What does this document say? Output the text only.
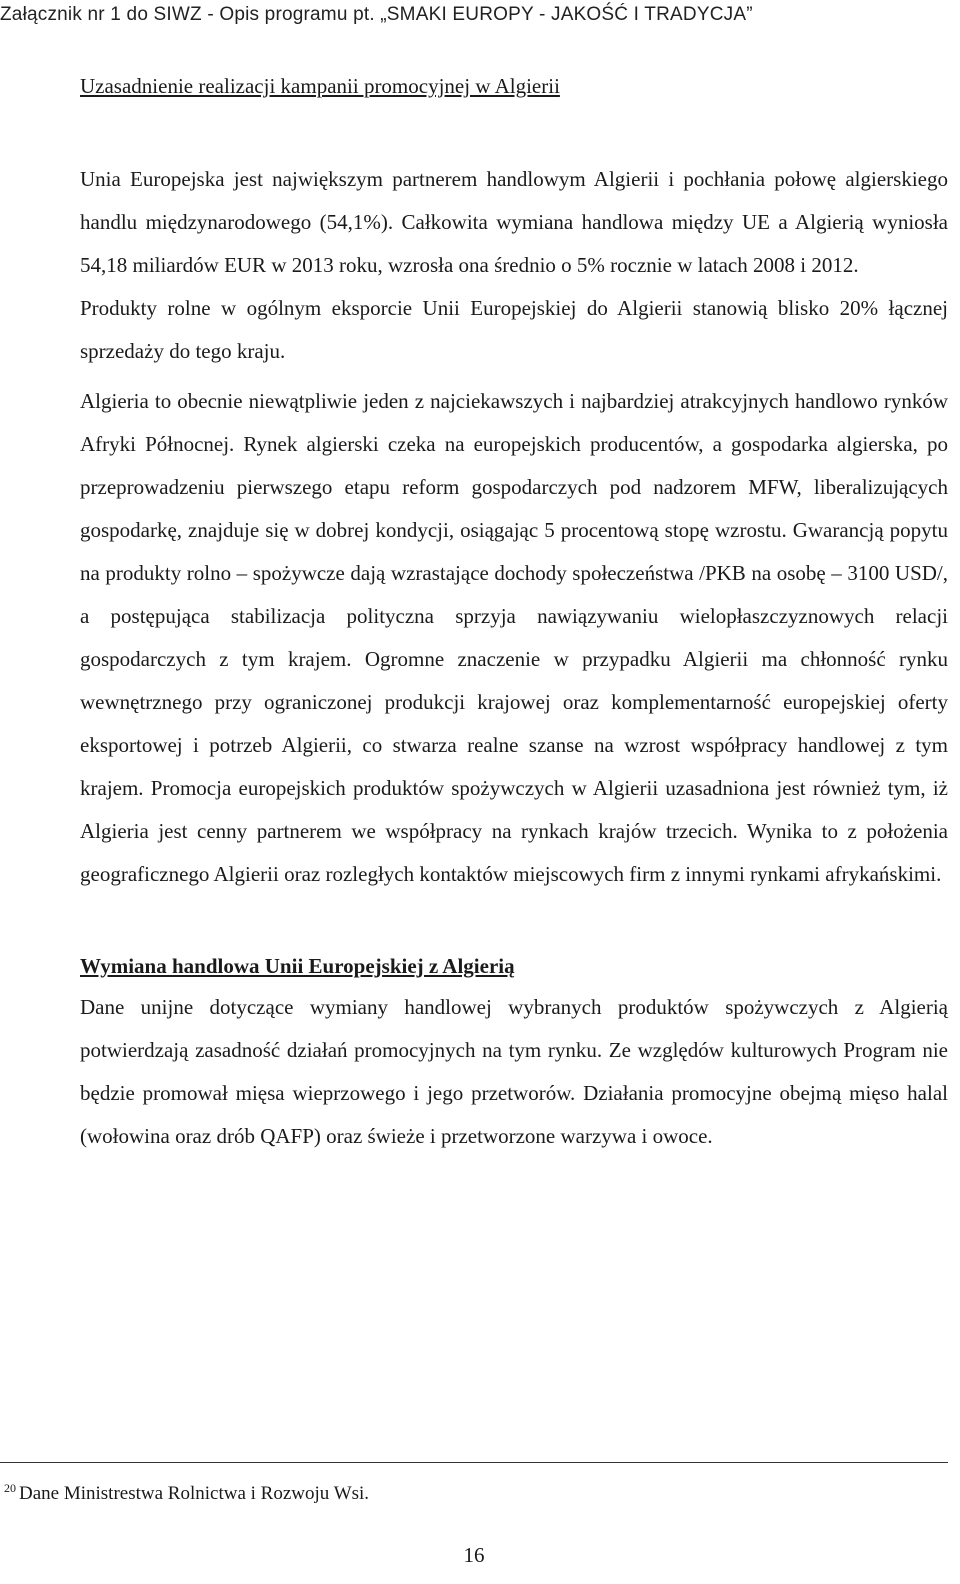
Załącznik nr 1 do SIWZ - Opis programu pt. „SMAKI EUROPY - JAKOŚĆ I TRADYCJA”
Uzasadnienie realizacji kampanii promocyjnej w Algierii

Unia Europejska jest największym partnerem handlowym Algierii i pochłania połowę algierskiego handlu międzynarodowego (54,1%). Całkowita wymiana handlowa między UE a Algierią wyniosła 54,18 miliardów EUR w 2013 roku, wzrosła ona średnio o 5% rocznie w latach 2008 i 2012.

Produkty rolne w ogólnym eksporcie Unii Europejskiej do Algierii stanowią blisko 20% łącznej sprzedaży do tego kraju.

Algieria to obecnie niewątpliwie jeden z najciekawszych i najbardziej atrakcyjnych handlowo rynków Afryki Północnej. Rynek algierski czeka na europejskich producentów, a gospodarka algierska, po przeprowadzeniu pierwszego etapu reform gospodarczych pod nadzorem MFW, liberalizujących gospodarkę, znajduje się w dobrej kondycji, osiągając 5 procentową stopę wzrostu. Gwarancją popytu na produkty rolno – spożywcze dają wzrastające dochody społeczeństwa /PKB na osobę – 3100 USD/, a postępująca stabilizacja polityczna sprzyja nawiązywaniu wielopłaszczyznowych relacji gospodarczych z tym krajem. Ogromne znaczenie w przypadku Algierii ma chłonność rynku wewnętrznego przy ograniczonej produkcji krajowej oraz komplementarność europejskiej oferty eksportowej i potrzeb Algierii, co stwarza realne szanse na wzrost współpracy handlowej z tym krajem. Promocja europejskich produktów spożywczych w Algierii uzasadniona jest również tym, iż Algieria jest cenny partnerem we współpracy na rynkach krajów trzecich. Wynika to z położenia geograficznego Algierii oraz rozległych kontaktów miejscowych firm z innymi rynkami afrykańskimi.

Wymiana handlowa Unii Europejskiej z Algierią

Dane unijne dotyczące wymiany handlowej wybranych produktów spożywczych z Algierią potwierdzają zasadność działań promocyjnych na tym rynku. Ze względów kulturowych Program nie będzie promował mięsa wieprzowego i jego przetworów. Działania promocyjne obejmą mięso halal (wołowina oraz drób QAFP) oraz świeże i przetworzone warzywa i owoce.

$^{20}$ Dane Ministrestwa Rolnictwa i Rozwoju Wsi.
16
